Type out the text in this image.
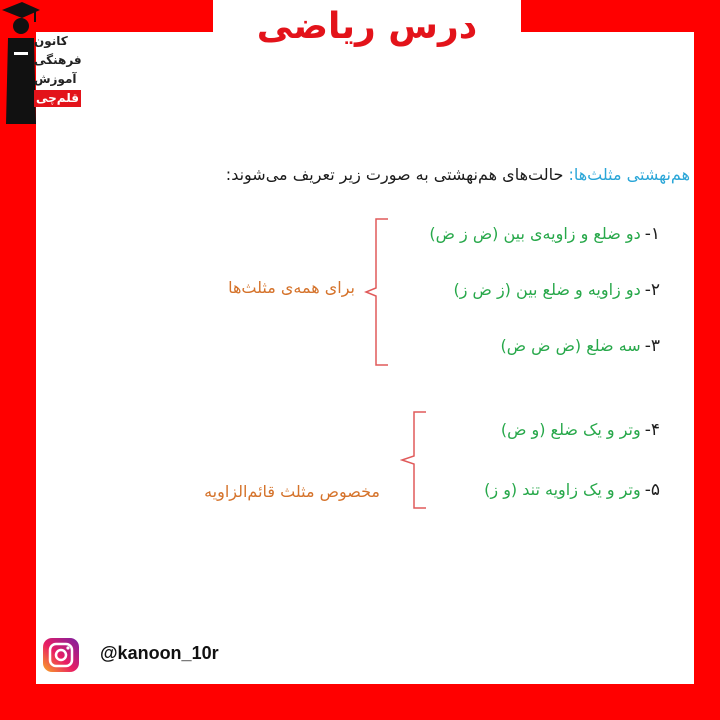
درس ریاضی
کانون
فرهنگی
آموزش
قلم‌چی
هم‌نهشتی مثلث‌ها: حالت‌های هم‌نهشتی به صورت زیر تعریف می‌شوند:
۱-دو ضلع و زاویه‌ی بین (ض ز ض)
۲-دو زاویه و ضلع بین (ز ض ز)
۳-سه ضلع (ض ض ض)
برای همه‌ی مثلث‌ها
۴-وتر و یک ضلع (و ض)
۵-وتر و یک زاویه تند (و ز)
مخصوص مثلث قائم‌الزاویه
@kanoon_10r
